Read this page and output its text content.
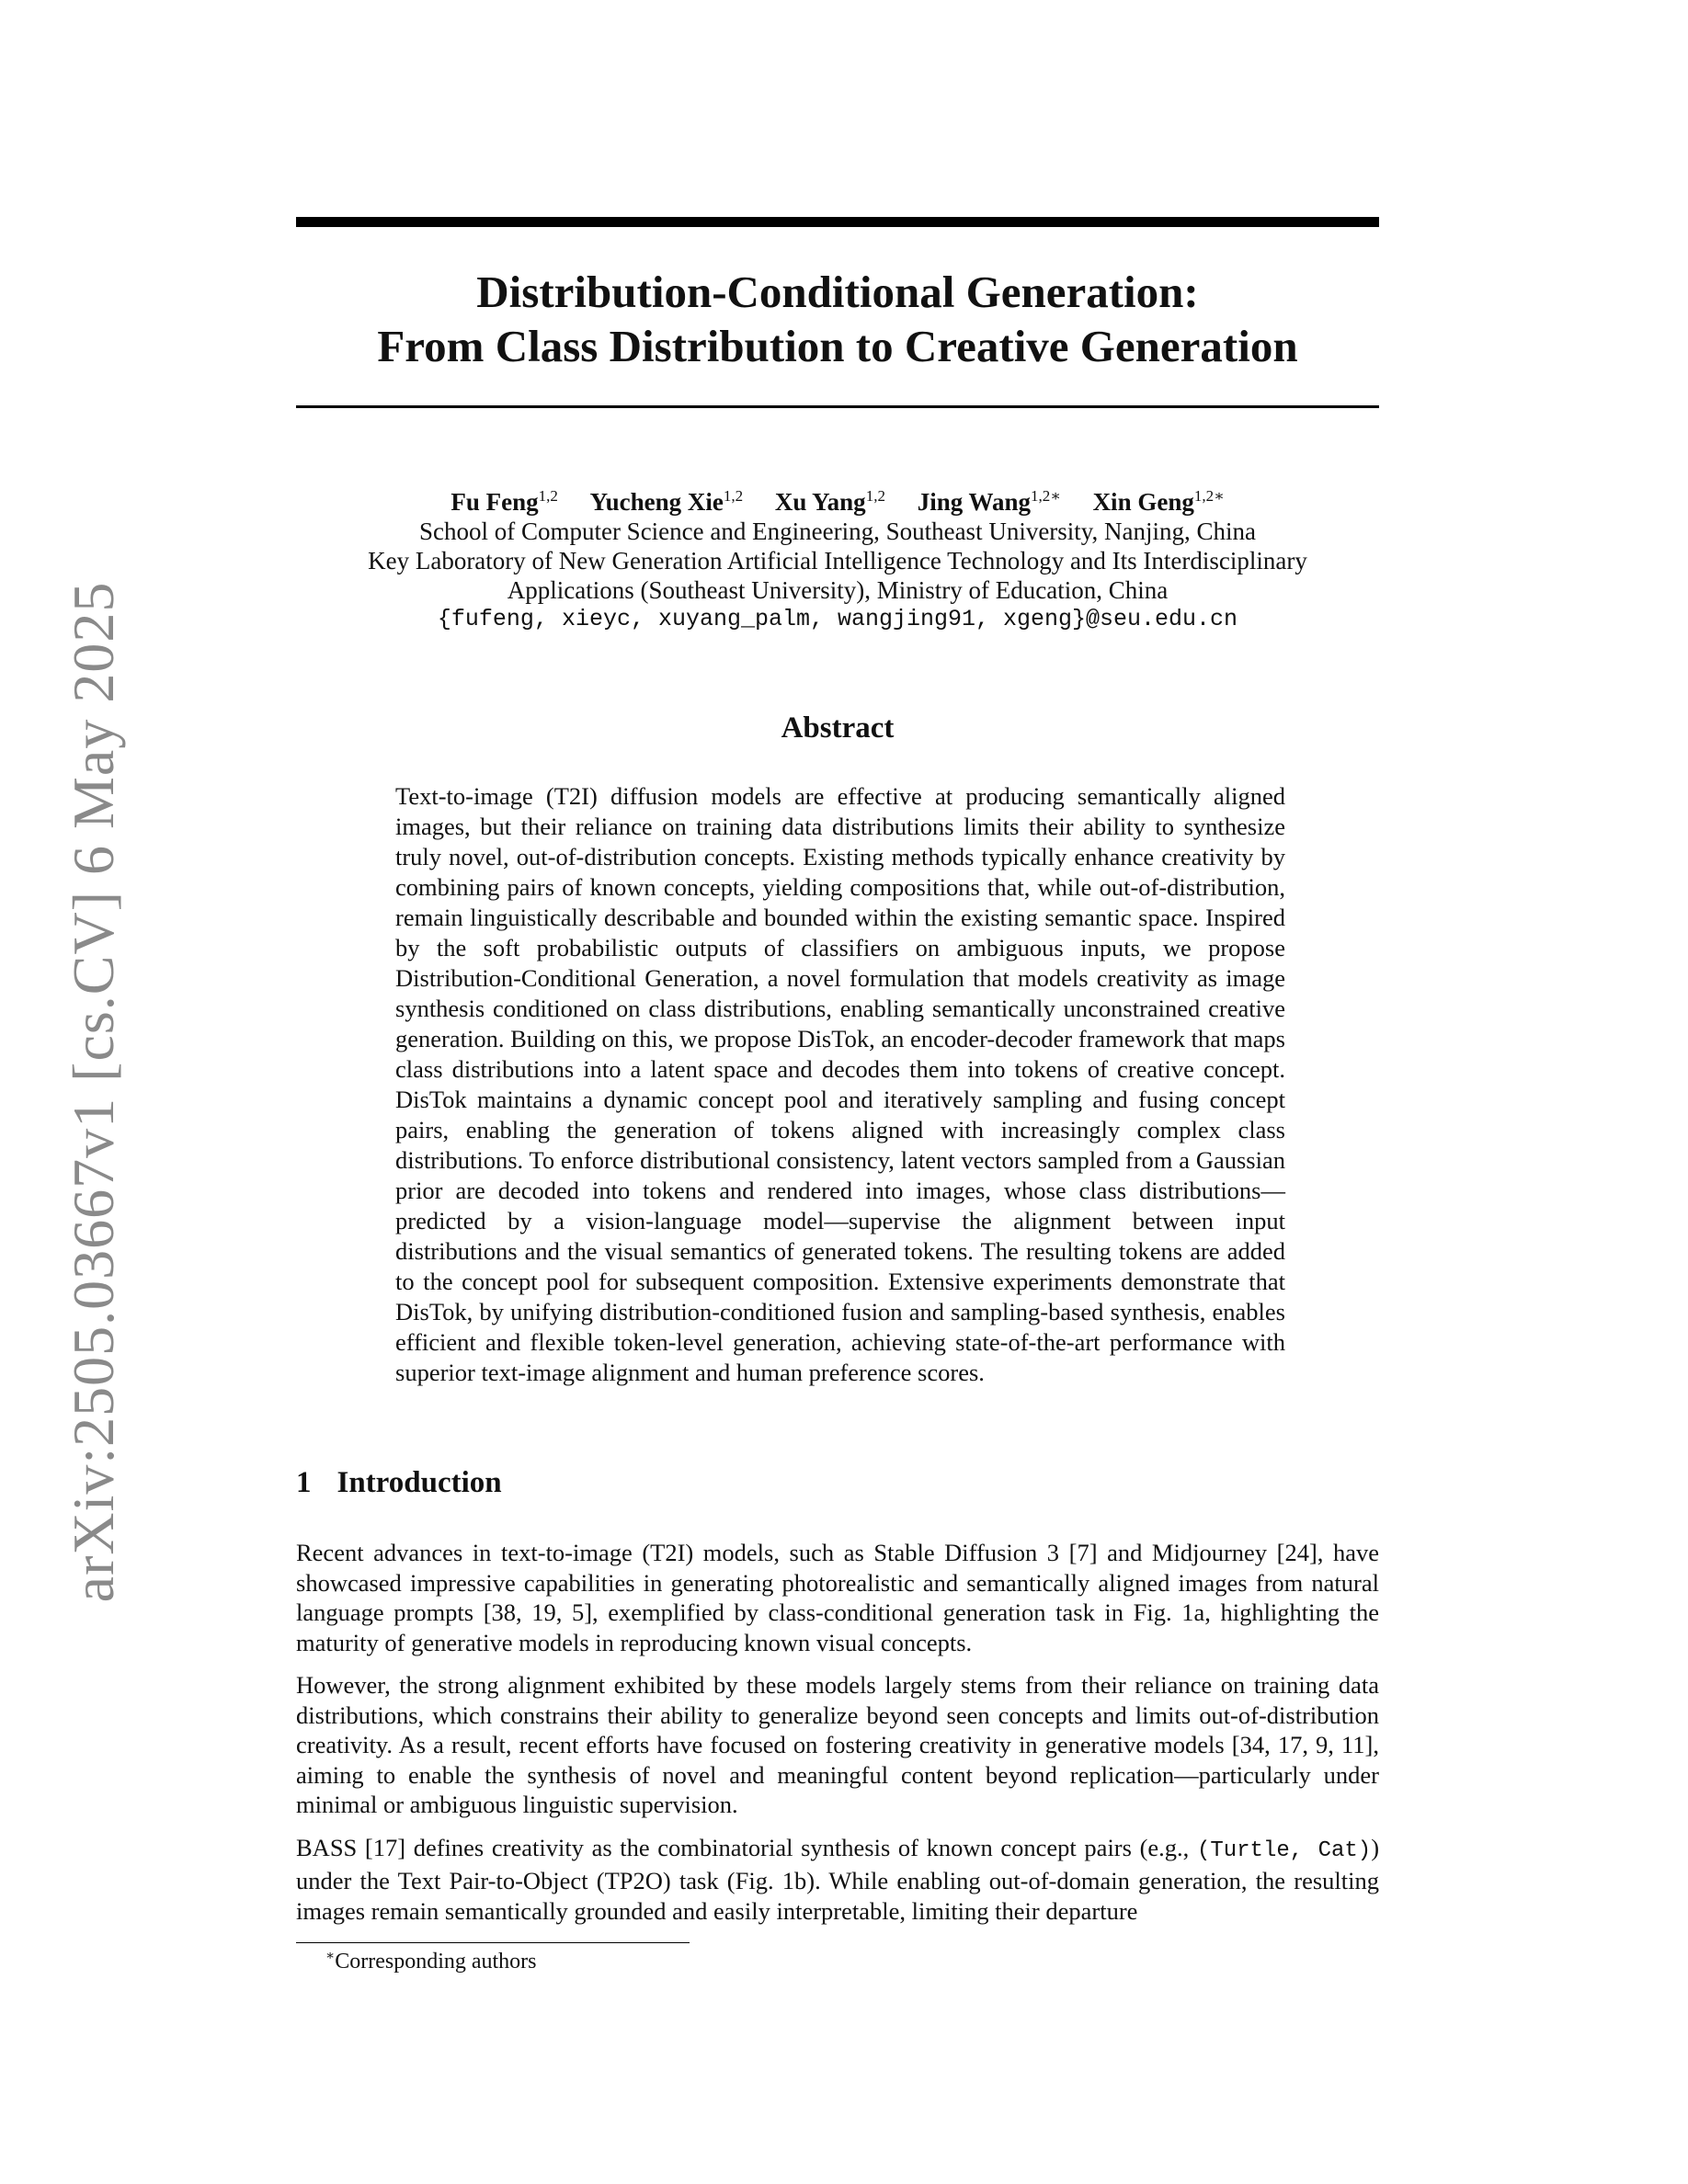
arXiv:2505.03667v1 [cs.CV] 6 May 2025
Distribution-Conditional Generation:
From Class Distribution to Creative Generation
Fu Feng$^{1,2}$ Yucheng Xie$^{1,2}$ Xu Yang$^{1,2}$ Jing Wang$^{1,2∗}$ Xin Geng$^{1,2∗}$
School of Computer Science and Engineering, Southeast University, Nanjing, China
Key Laboratory of New Generation Artificial Intelligence Technology and Its Interdisciplinary
Applications (Southeast University), Ministry of Education, China
{fufeng, xieyc, xuyang_palm, wangjing91, xgeng}@seu.edu.cn
Abstract

Text-to-image (T2I) diffusion models are effective at producing semantically aligned images, but their reliance on training data distributions limits their ability to synthesize truly novel, out-of-distribution concepts. Existing methods typically enhance creativity by combining pairs of known concepts, yielding compositions that, while out-of-distribution, remain linguistically describable and bounded within the existing semantic space. Inspired by the soft probabilistic outputs of classifiers on ambiguous inputs, we propose Distribution-Conditional Generation, a novel formulation that models creativity as image synthesis conditioned on class distributions, enabling semantically unconstrained creative generation. Building on this, we propose DisTok, an encoder-decoder framework that maps class distributions into a latent space and decodes them into tokens of creative concept. DisTok maintains a dynamic concept pool and iteratively sampling and fusing concept pairs, enabling the generation of tokens aligned with increasingly complex class distributions. To enforce distributional consistency, latent vectors sampled from a Gaussian prior are decoded into tokens and rendered into images, whose class distributions—predicted by a vision-language model—supervise the alignment between input distributions and the visual semantics of generated tokens. The resulting tokens are added to the concept pool for subsequent composition. Extensive experiments demonstrate that DisTok, by unifying distribution-conditioned fusion and sampling-based synthesis, enables efficient and flexible token-level generation, achieving state-of-the-art performance with superior text-image alignment and human preference scores.

1 Introduction

Recent advances in text-to-image (T2I) models, such as Stable Diffusion 3 [7] and Midjourney [24], have showcased impressive capabilities in generating photorealistic and semantically aligned images from natural language prompts [38, 19, 5], exemplified by class-conditional generation task in Fig. 1a, highlighting the maturity of generative models in reproducing known visual concepts.

However, the strong alignment exhibited by these models largely stems from their reliance on training data distributions, which constrains their ability to generalize beyond seen concepts and limits out-of-distribution creativity. As a result, recent efforts have focused on fostering creativity in generative models [34, 17, 9, 11], aiming to enable the synthesis of novel and meaningful content beyond replication—particularly under minimal or ambiguous linguistic supervision.

BASS [17] defines creativity as the combinatorial synthesis of known concept pairs (e.g., (Turtle, Cat)) under the Text Pair-to-Object (TP2O) task (Fig. 1b). While enabling out-of-domain generation, the resulting images remain semantically grounded and easily interpretable, limiting their departure

∗Corresponding authors
